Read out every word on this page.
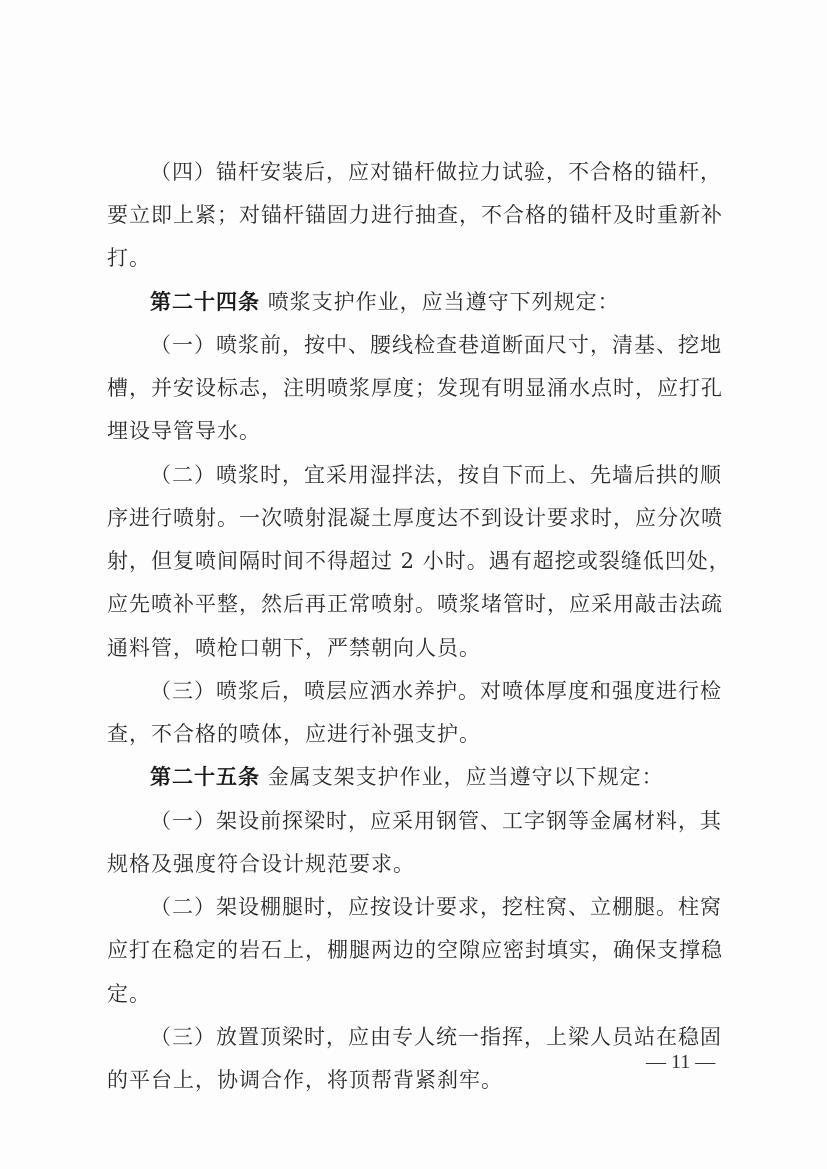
（四）锚杆安装后，应对锚杆做拉力试验，不合格的锚杆，
要立即上紧；对锚杆锚固力进行抽查，不合格的锚杆及时重新补
打。
第二十四条 喷浆支护作业，应当遵守下列规定：
（一）喷浆前，按中、腰线检查巷道断面尺寸，清基、挖地
槽，并安设标志，注明喷浆厚度；发现有明显涌水点时，应打孔
埋设导管导水。
（二）喷浆时，宜采用湿拌法，按自下而上、先墙后拱的顺
序进行喷射。一次喷射混凝土厚度达不到设计要求时，应分次喷
射，但复喷间隔时间不得超过 2 小时。遇有超挖或裂缝低凹处，
应先喷补平整，然后再正常喷射。喷浆堵管时，应采用敲击法疏
通料管，喷枪口朝下，严禁朝向人员。
（三）喷浆后，喷层应洒水养护。对喷体厚度和强度进行检
查，不合格的喷体，应进行补强支护。
第二十五条 金属支架支护作业，应当遵守以下规定：
（一）架设前探梁时，应采用钢管、工字钢等金属材料，其
规格及强度符合设计规范要求。
（二）架设棚腿时，应按设计要求，挖柱窝、立棚腿。柱窝
应打在稳定的岩石上，棚腿两边的空隙应密封填实，确保支撑稳
定。
（三）放置顶梁时，应由专人统一指挥，上梁人员站在稳固
的平台上，协调合作，将顶帮背紧刹牢。
— 11 —
